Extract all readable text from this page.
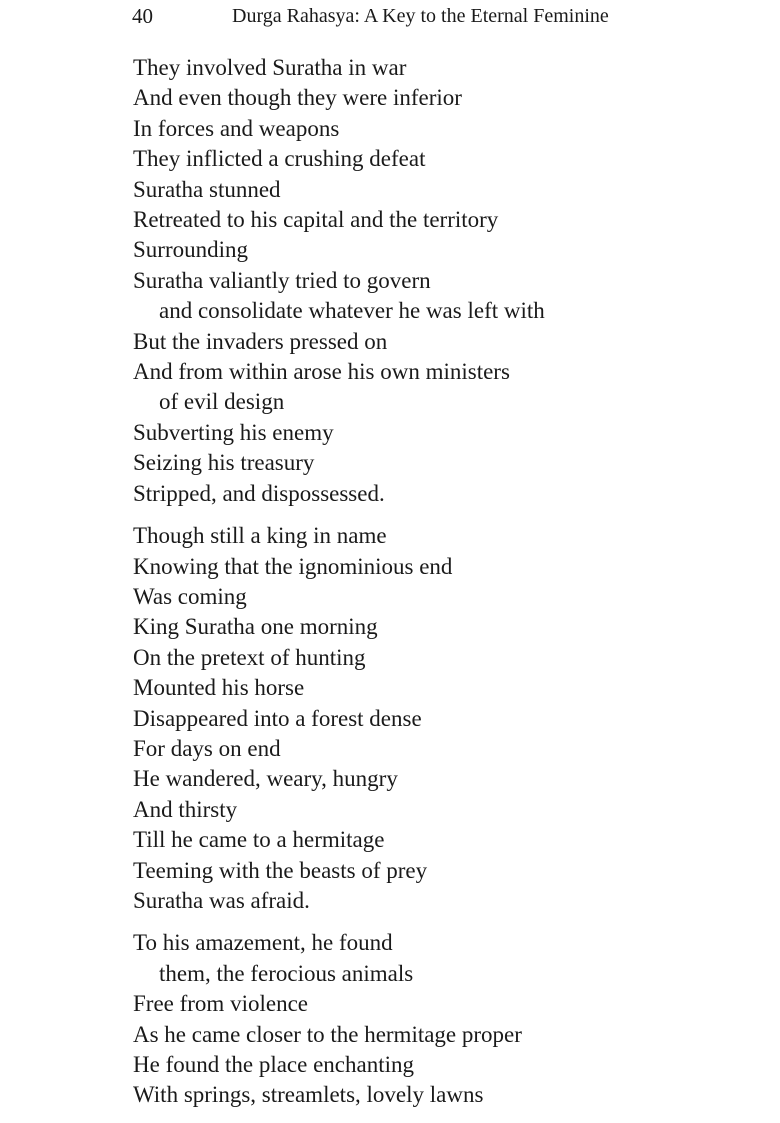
40	Durga Rahasya: A Key to the Eternal Feminine
They involved Suratha in war
And even though they were inferior
In forces and weapons
They inflicted a crushing defeat
Suratha stunned
Retreated to his capital and the territory
Surrounding
Suratha valiantly tried to govern
and consolidate whatever he was left with
But the invaders pressed on
And from within arose his own ministers
of evil design
Subverting his enemy
Seizing his treasury
Stripped, and dispossessed.
Though still a king in name
Knowing that the ignominious end
Was coming
King Suratha one morning
On the pretext of hunting
Mounted his horse
Disappeared into a forest dense
For days on end
He wandered, weary, hungry
And thirsty
Till he came to a hermitage
Teeming with the beasts of prey
Suratha was afraid.
To his amazement, he found
them, the ferocious animals
Free from violence
As he came closer to the hermitage proper
He found the place enchanting
With springs, streamlets, lovely lawns
